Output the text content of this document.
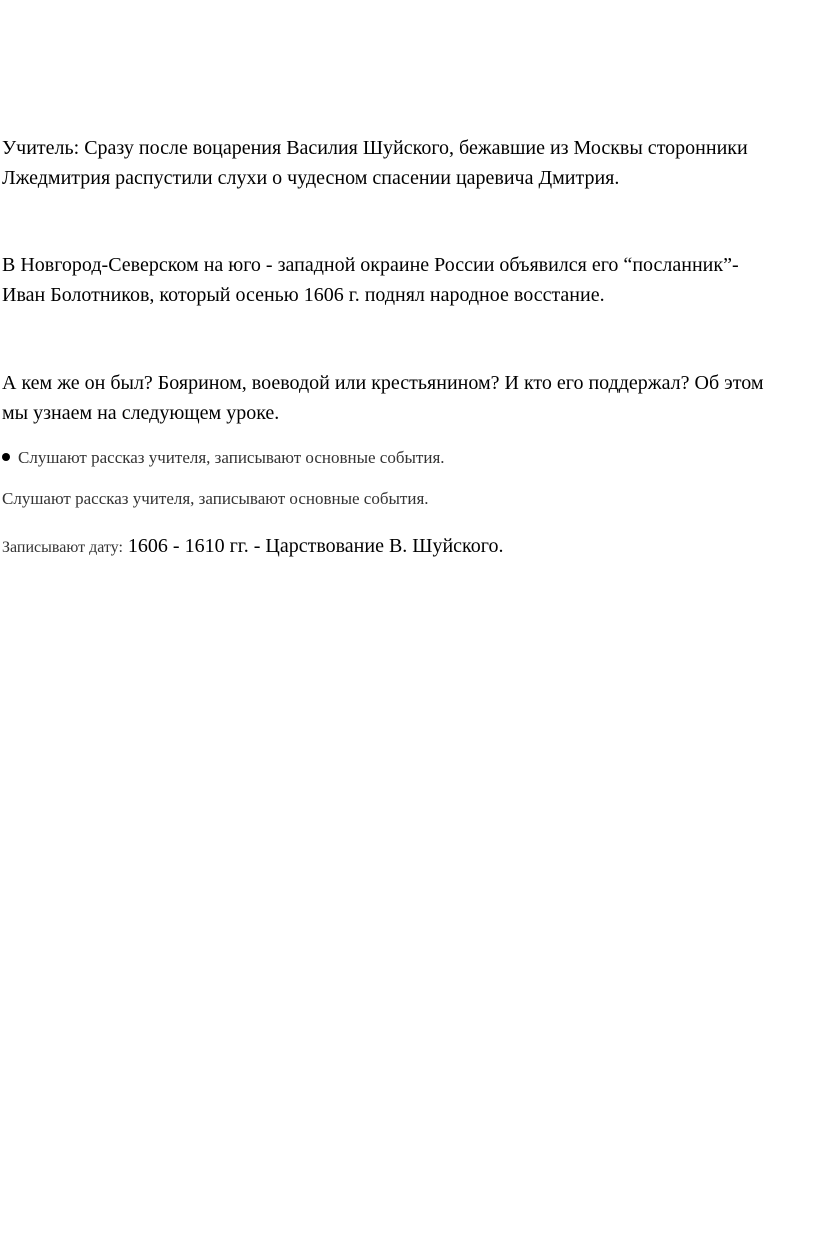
Учитель: Сразу после воцарения Василия Шуйского, бежавшие из Москвы сторонники
Лжедмитрия распустили слухи о чудесном спасении царевича Дмитрия.

В Новгород-Северском на юго - западной окраине России объявился его “посланник”-
Иван Болотников, который осенью 1606 г. поднял народное восстание.

А кем же он был? Боярином, воеводой или крестьянином? И кто его поддержал? Об этом
мы узнаем на следующем уроке.

Слушают рассказ учителя, записывают основные события.

Слушают рассказ учителя, записывают основные события.

Записывают дату: 1606 - 1610 гг. - Царствование В. Шуйского.
